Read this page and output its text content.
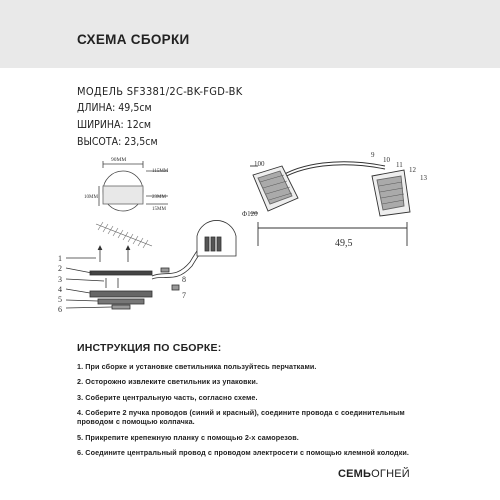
СХЕМА СБОРКИ
МОДЕЛЬ SF3381/2C-BK-FGD-BK
ДЛИНА: 49,5см
ШИРИНА: 12см
ВЫСОТА: 23,5см
90MM
115MM
10MM	23MM
15MM
1
2
3
4
5
6
7
8
100
Φ120
49,5
9
10
11
12
13
ИНСТРУКЦИЯ ПО СБОРКЕ:
1. При сборке и установке светильника пользуйтесь перчатками.
2. Осторожно извлеките светильник из упаковки.
3. Соберите центральную часть, согласно схеме.
4. Соберите 2 пучка проводов (синий и красный), соедините провода с соединительным проводом с помощью колпачка.
5. Прикрепите крепежную планку с помощью 2-х саморезов.
6. Соедините центральный провод с проводом электросети с помощью клемной колодки.
СЕМЬОГНЕЙ
